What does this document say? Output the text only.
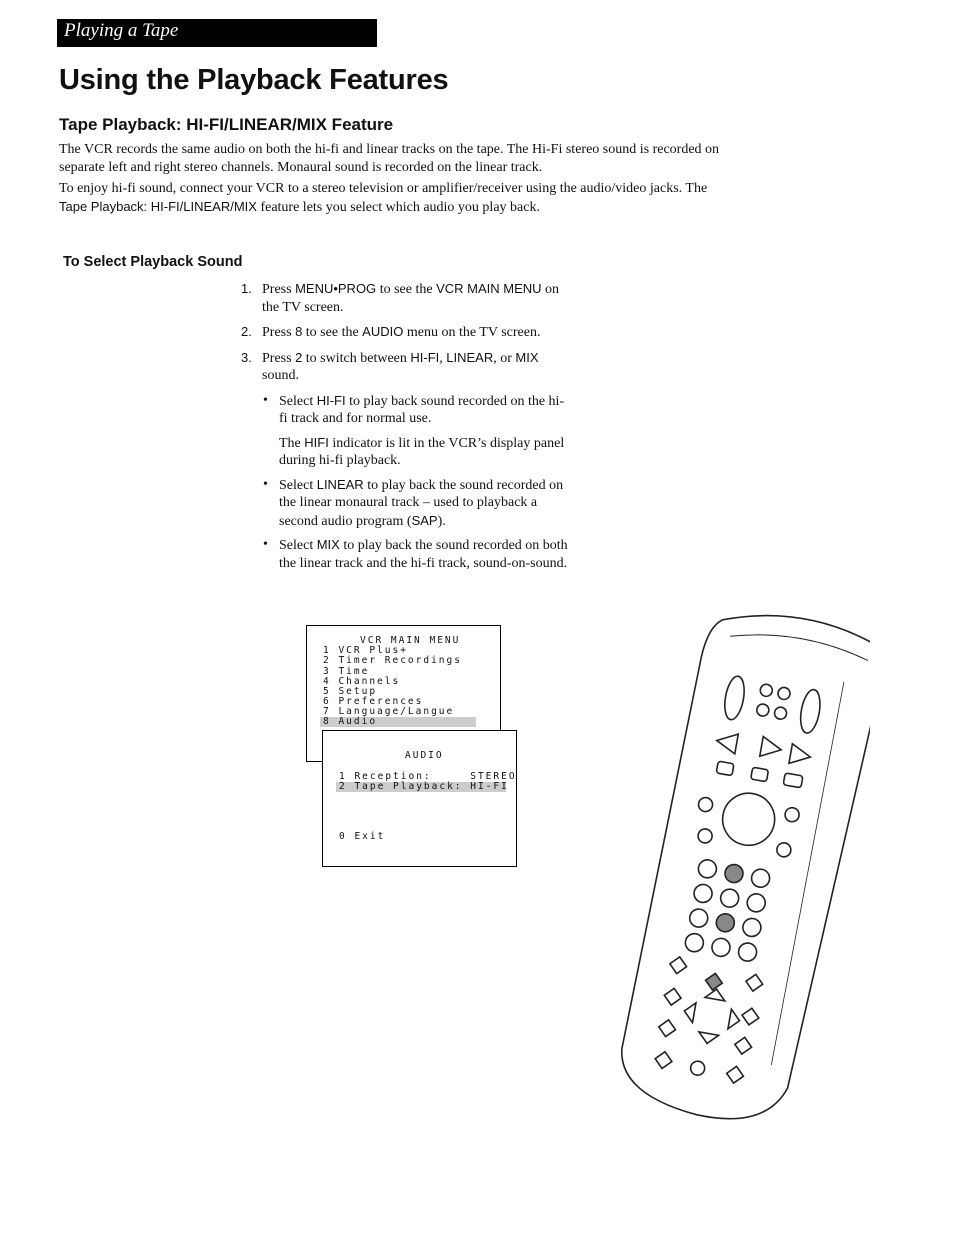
Playing a Tape
Using the Playback Features
Tape Playback: HI-FI/LINEAR/MIX Feature

The VCR records the same audio on both the hi-fi and linear tracks on the tape. The Hi-Fi stereo sound is recorded on separate left and right stereo channels. Monaural sound is recorded on the linear track.

To enjoy hi-fi sound, connect your VCR to a stereo television or amplifier/receiver using the audio/video jacks. The Tape Playback: HI-FI/LINEAR/MIX feature lets you select which audio you play back.

To Select Playback Sound
1. Press MENU•PROG to see the VCR MAIN MENU on the TV screen.
2. Press 8 to see the AUDIO menu on the TV screen.
3. Press 2 to switch between HI-FI, LINEAR, or MIX sound.
• Select HI-FI to play back sound recorded on the hi-fi track and for normal use.
The HIFI indicator is lit in the VCR’s display panel during hi-fi playback.
• Select LINEAR to play back the sound recorded on the linear monaural track – used to playback a second audio program (SAP).
• Select MIX to play back the sound recorded on both the linear track and the hi-fi track, sound-on-sound.
VCR MAIN MENU
1 VCR Plus+
2 Timer Recordings
3 Time
4 Channels
5 Setup
6 Preferences
7 Language/Langue
8 Audio
AUDIO
1 Reception:     STEREO
2 Tape Playback: HI-FI
0 Exit
